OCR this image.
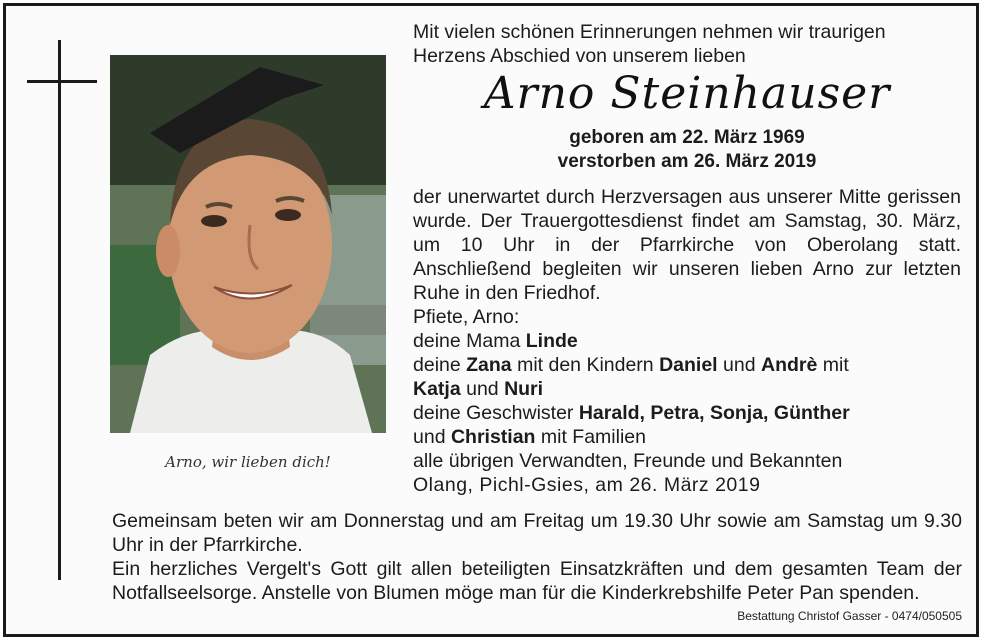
Arno, wir lieben dich!

Mit vielen schönen Erinnerungen nehmen wir traurigen Herzens Abschied von unserem lieben

Arno Steinhauser
geboren am 22. März 1969
verstorben am 26. März 2019

der unerwartet durch Herzversagen aus unserer Mitte gerissen wurde. Der Trauergottesdienst findet am Samstag, 30. März, um 10 Uhr in der Pfarrkirche von Oberolang statt. Anschließend begleiten wir unseren lieben Arno zur letzten Ruhe in den Friedhof.

Pfiete, Arno:
deine Mama Linde
deine Zana mit den Kindern Daniel und Andrè mit
Katja und Nuri
deine Geschwister Harald, Petra, Sonja, Günther
und Christian mit Familien
alle übrigen Verwandten, Freunde und Bekannten
Olang, Pichl-Gsies, am 26. März 2019

Gemeinsam beten wir am Donnerstag und am Freitag um 19.30 Uhr sowie am Samstag um 9.30 Uhr in der Pfarrkirche.

Ein herzliches Vergelt's Gott gilt allen beteiligten Einsatzkräften und dem gesamten Team der Notfallseelsorge. Anstelle von Blumen möge man für die Kinderkrebshilfe Peter Pan spenden.

Bestattung Christof Gasser - 0474/050505
